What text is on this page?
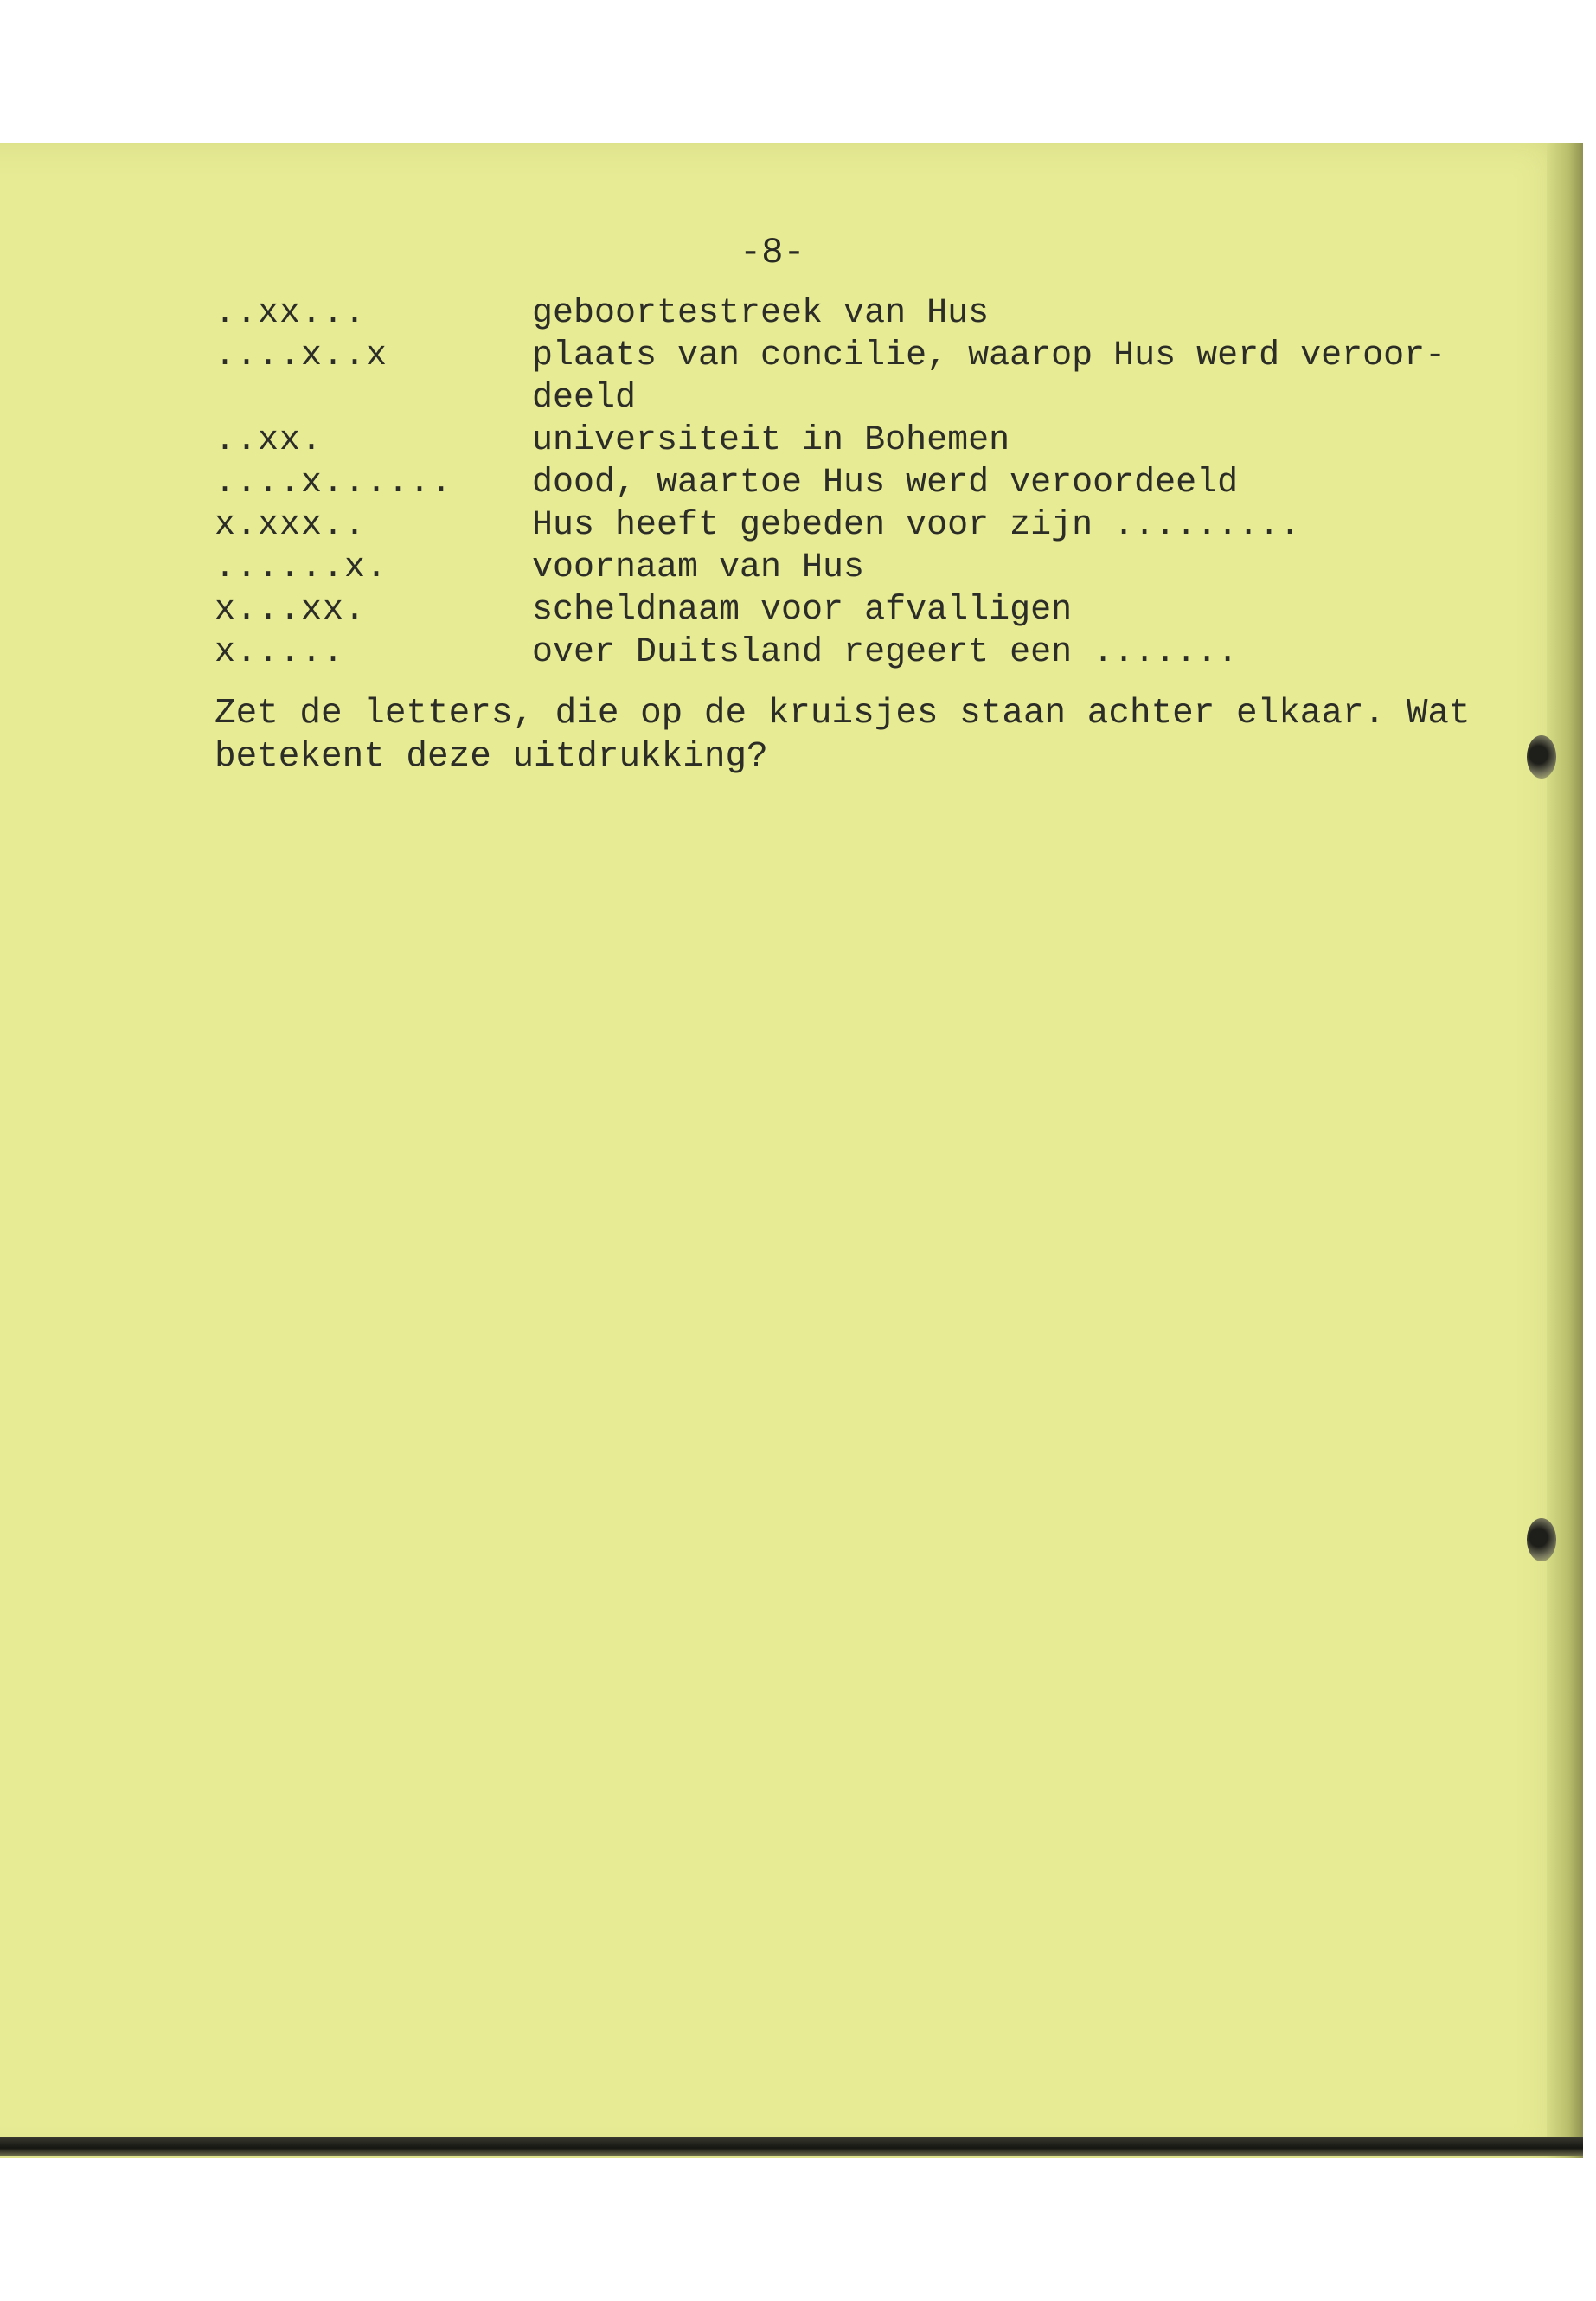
-8-
..xx...	geboortestreek van Hus
....x..x	plaats van concilie, waarop Hus werd veroor-
deeld
..xx.	universiteit in Bohemen
....x...... dood, waartoe Hus werd veroordeeld
x.xxx..	Hus heeft gebeden voor zijn .........
......x.	voornaam van Hus
x...xx.	scheldnaam voor afvalligen
x.....	over Duitsland regeert een .......
Zet de letters, die op de kruisjes staan achter elkaar. Wat betekent deze uitdrukking?
